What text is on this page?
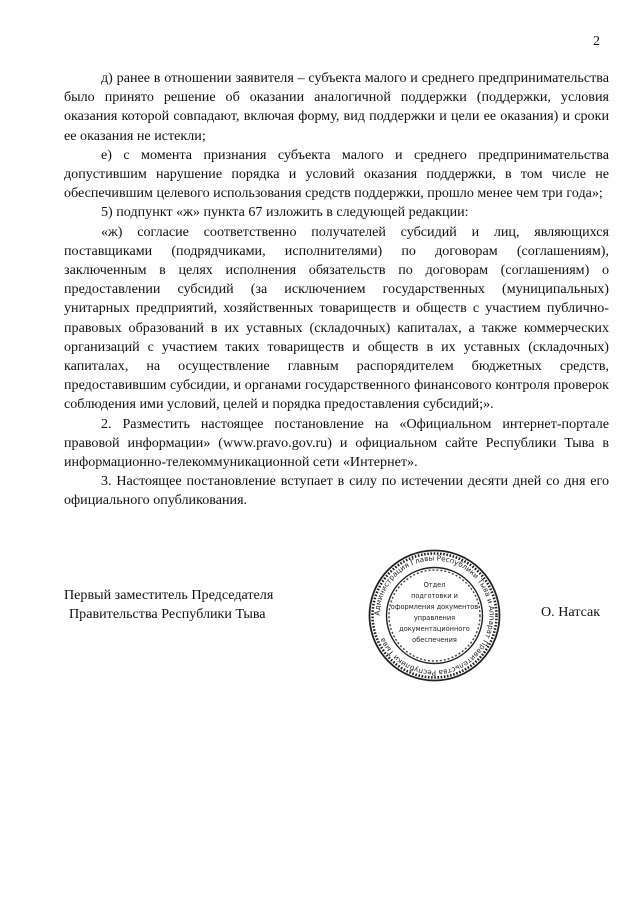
2

д) ранее в отношении заявителя – субъекта малого и среднего предпринимательства было принято решение об оказании аналогичной поддержки (поддержки, условия оказания которой совпадают, включая форму, вид поддержки и цели ее оказания) и сроки ее оказания не истекли;

е) с момента признания субъекта малого и среднего предпринимательства допустившим нарушение порядка и условий оказания поддержки, в том числе не обеспечившим целевого использования средств поддержки, прошло менее чем три года»;

5) подпункт «ж» пункта 67 изложить в следующей редакции:

«ж) согласие соответственно получателей субсидий и лиц, являющихся поставщиками (подрядчиками, исполнителями) по договорам (соглашениям), заключенным в целях исполнения обязательств по договорам (соглашениям) о предоставлении субсидий (за исключением государственных (муниципальных) унитарных предприятий, хозяйственных товариществ и обществ с участием публично-правовых образований в их уставных (складочных) капиталах, а также коммерческих организаций с участием таких товариществ и обществ в их уставных (складочных) капиталах, на осуществление главным распорядителем бюджетных средств, предоставившим субсидии, и органами государственного финансового контроля проверок соблюдения ими условий, целей и порядка предоставления субсидий;».

2. Разместить настоящее постановление на «Официальном интернет-портале правовой информации» (www.pravo.gov.ru) и официальном сайте Республики Тыва в информационно-телекоммуникационной сети «Интернет».

3. Настоящее постановление вступает в силу по истечении десяти дней со дня его официального опубликования.

Первый заместитель Председателя
Правительства Республики Тыва	Администрация Главы Республики Тыва и Аппарат Правительства Республики Тыва
Отдел
подготовки и
оформления документов
управления
документационного
обеспечения
О. Натсак
